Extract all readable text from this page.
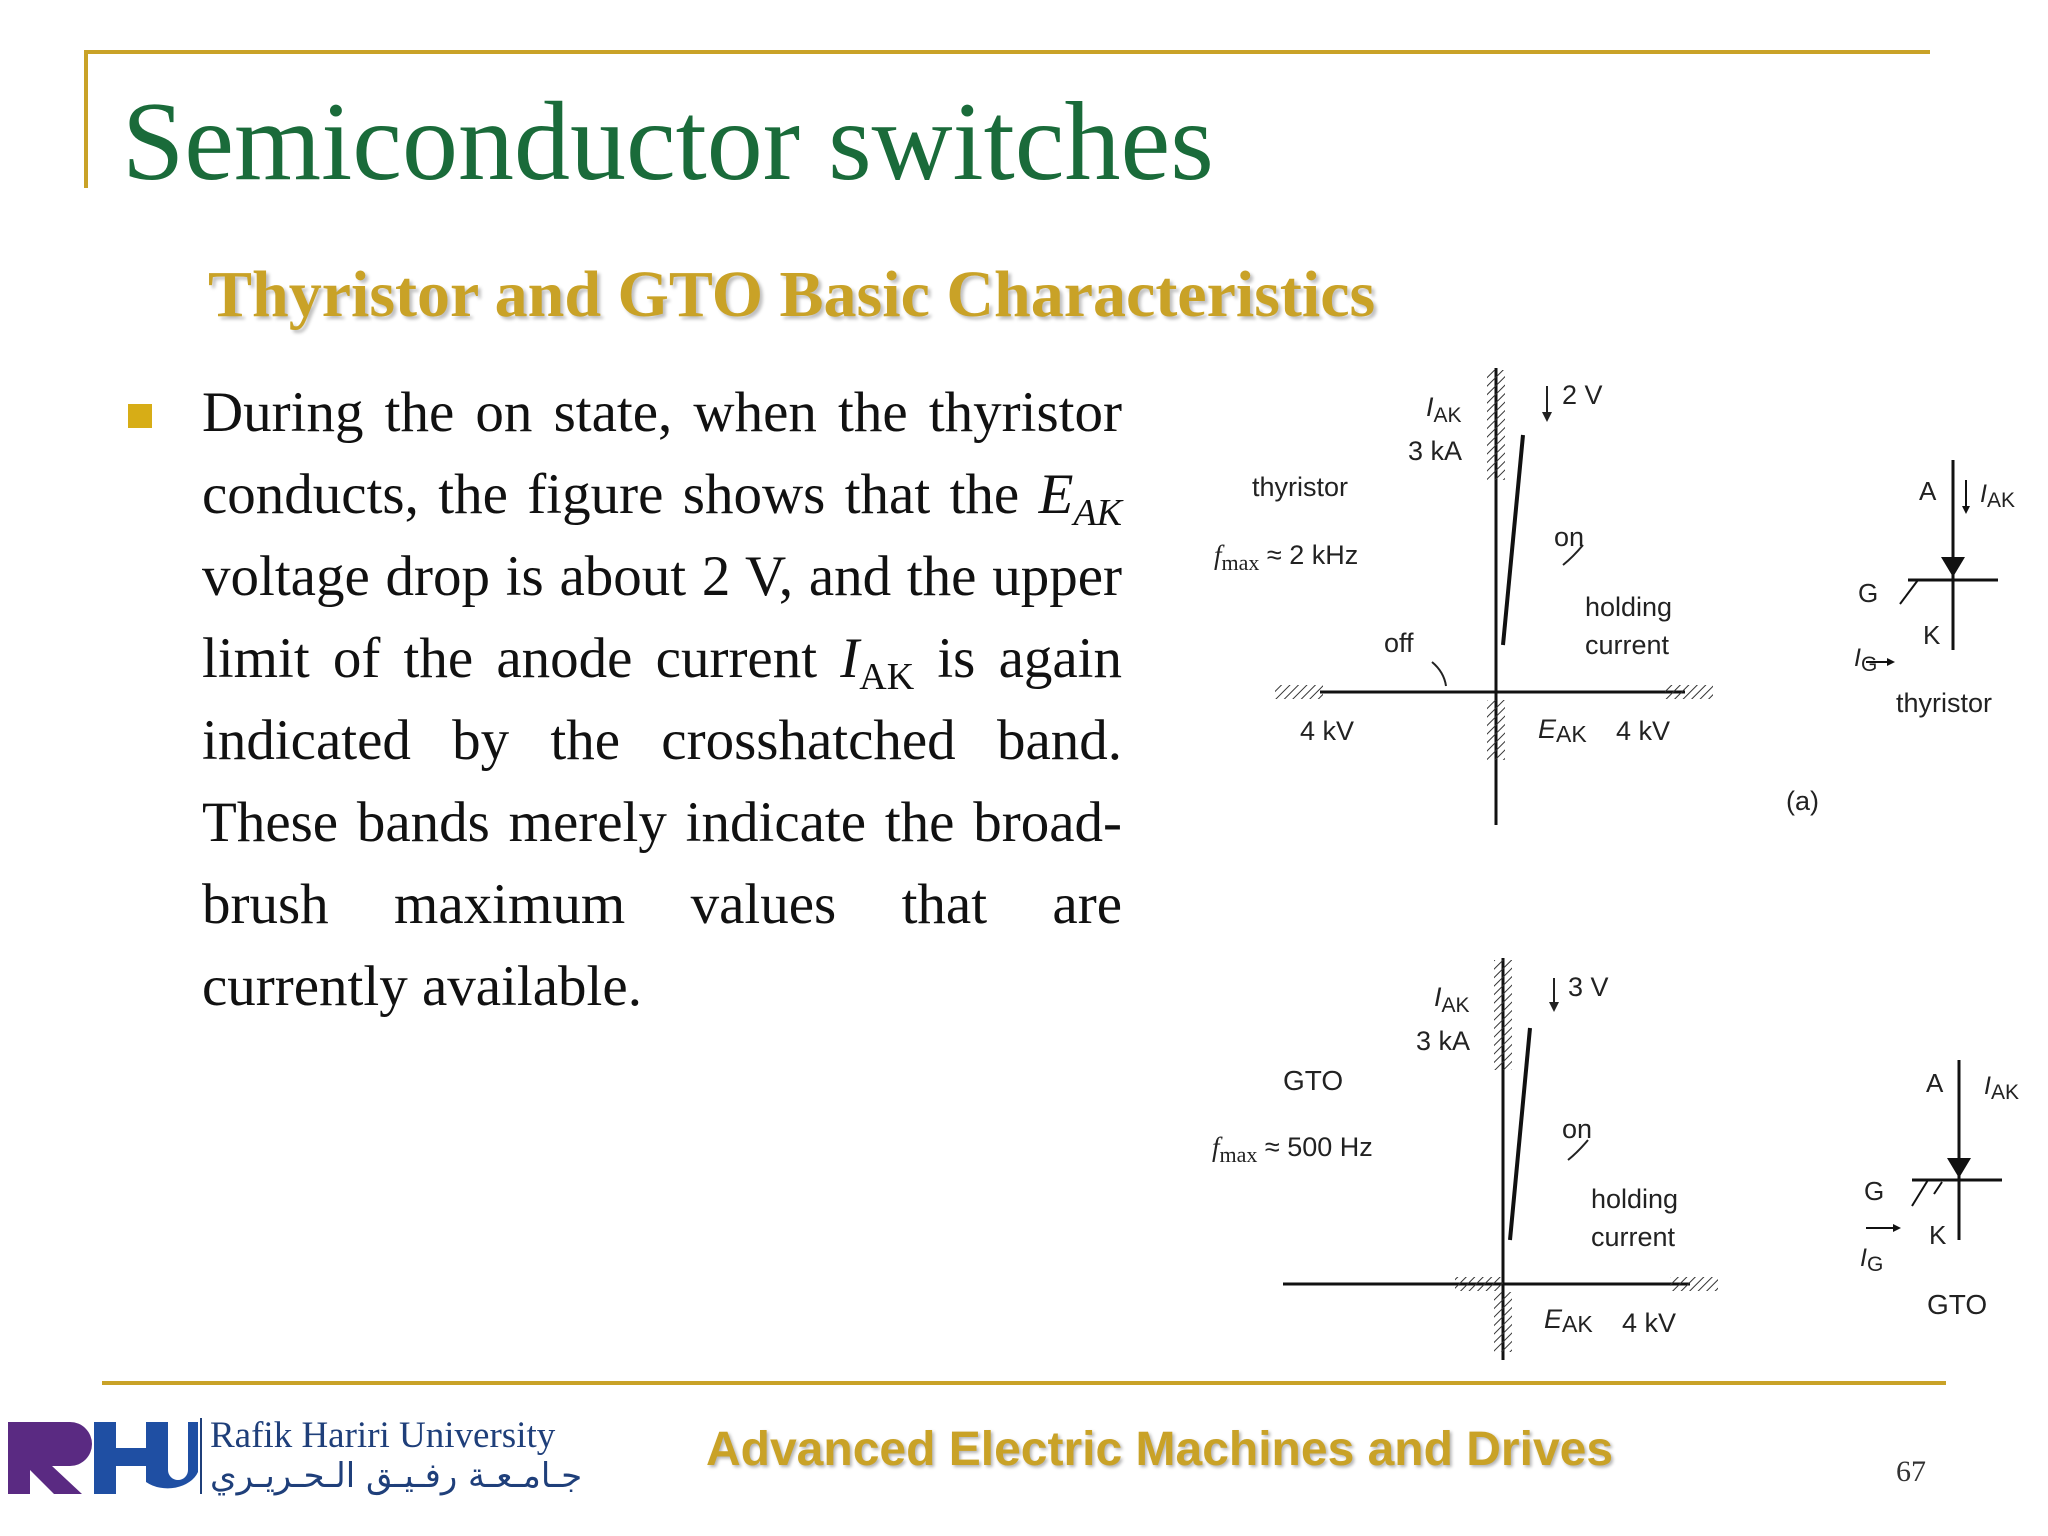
Semiconductor switches
Thyristor and GTO Basic Characteristics
During the on state, when the thyristor conducts, the figure shows that the $E_{AK}$ voltage drop is about 2 V, and the upper limit of the anode current $I_{AK}$ is again indicated by the crosshatched band. These bands merely indicate the broad-brush maximum values that are currently available.
$I_{AK}$
3 kA
2 V
thyristor
$f_{max} \approx 2$ kHz
on
holding
current
off
4 kV	EAK 4 kV
(a)
A $I_{AK}$
G
K
$I_G$
thyristor
$I_{AK}$
3 kA
3 V
GTO
$f_{max} \approx 500$ Hz
on
holding
current
EAK 4 kV
A $I_{AK}$
G
K
$I_G$
GTO
Rafik Hariri University
جـامـعـة رفـيـق الـحـريـري	Advanced Electric Machines and Drives	67
